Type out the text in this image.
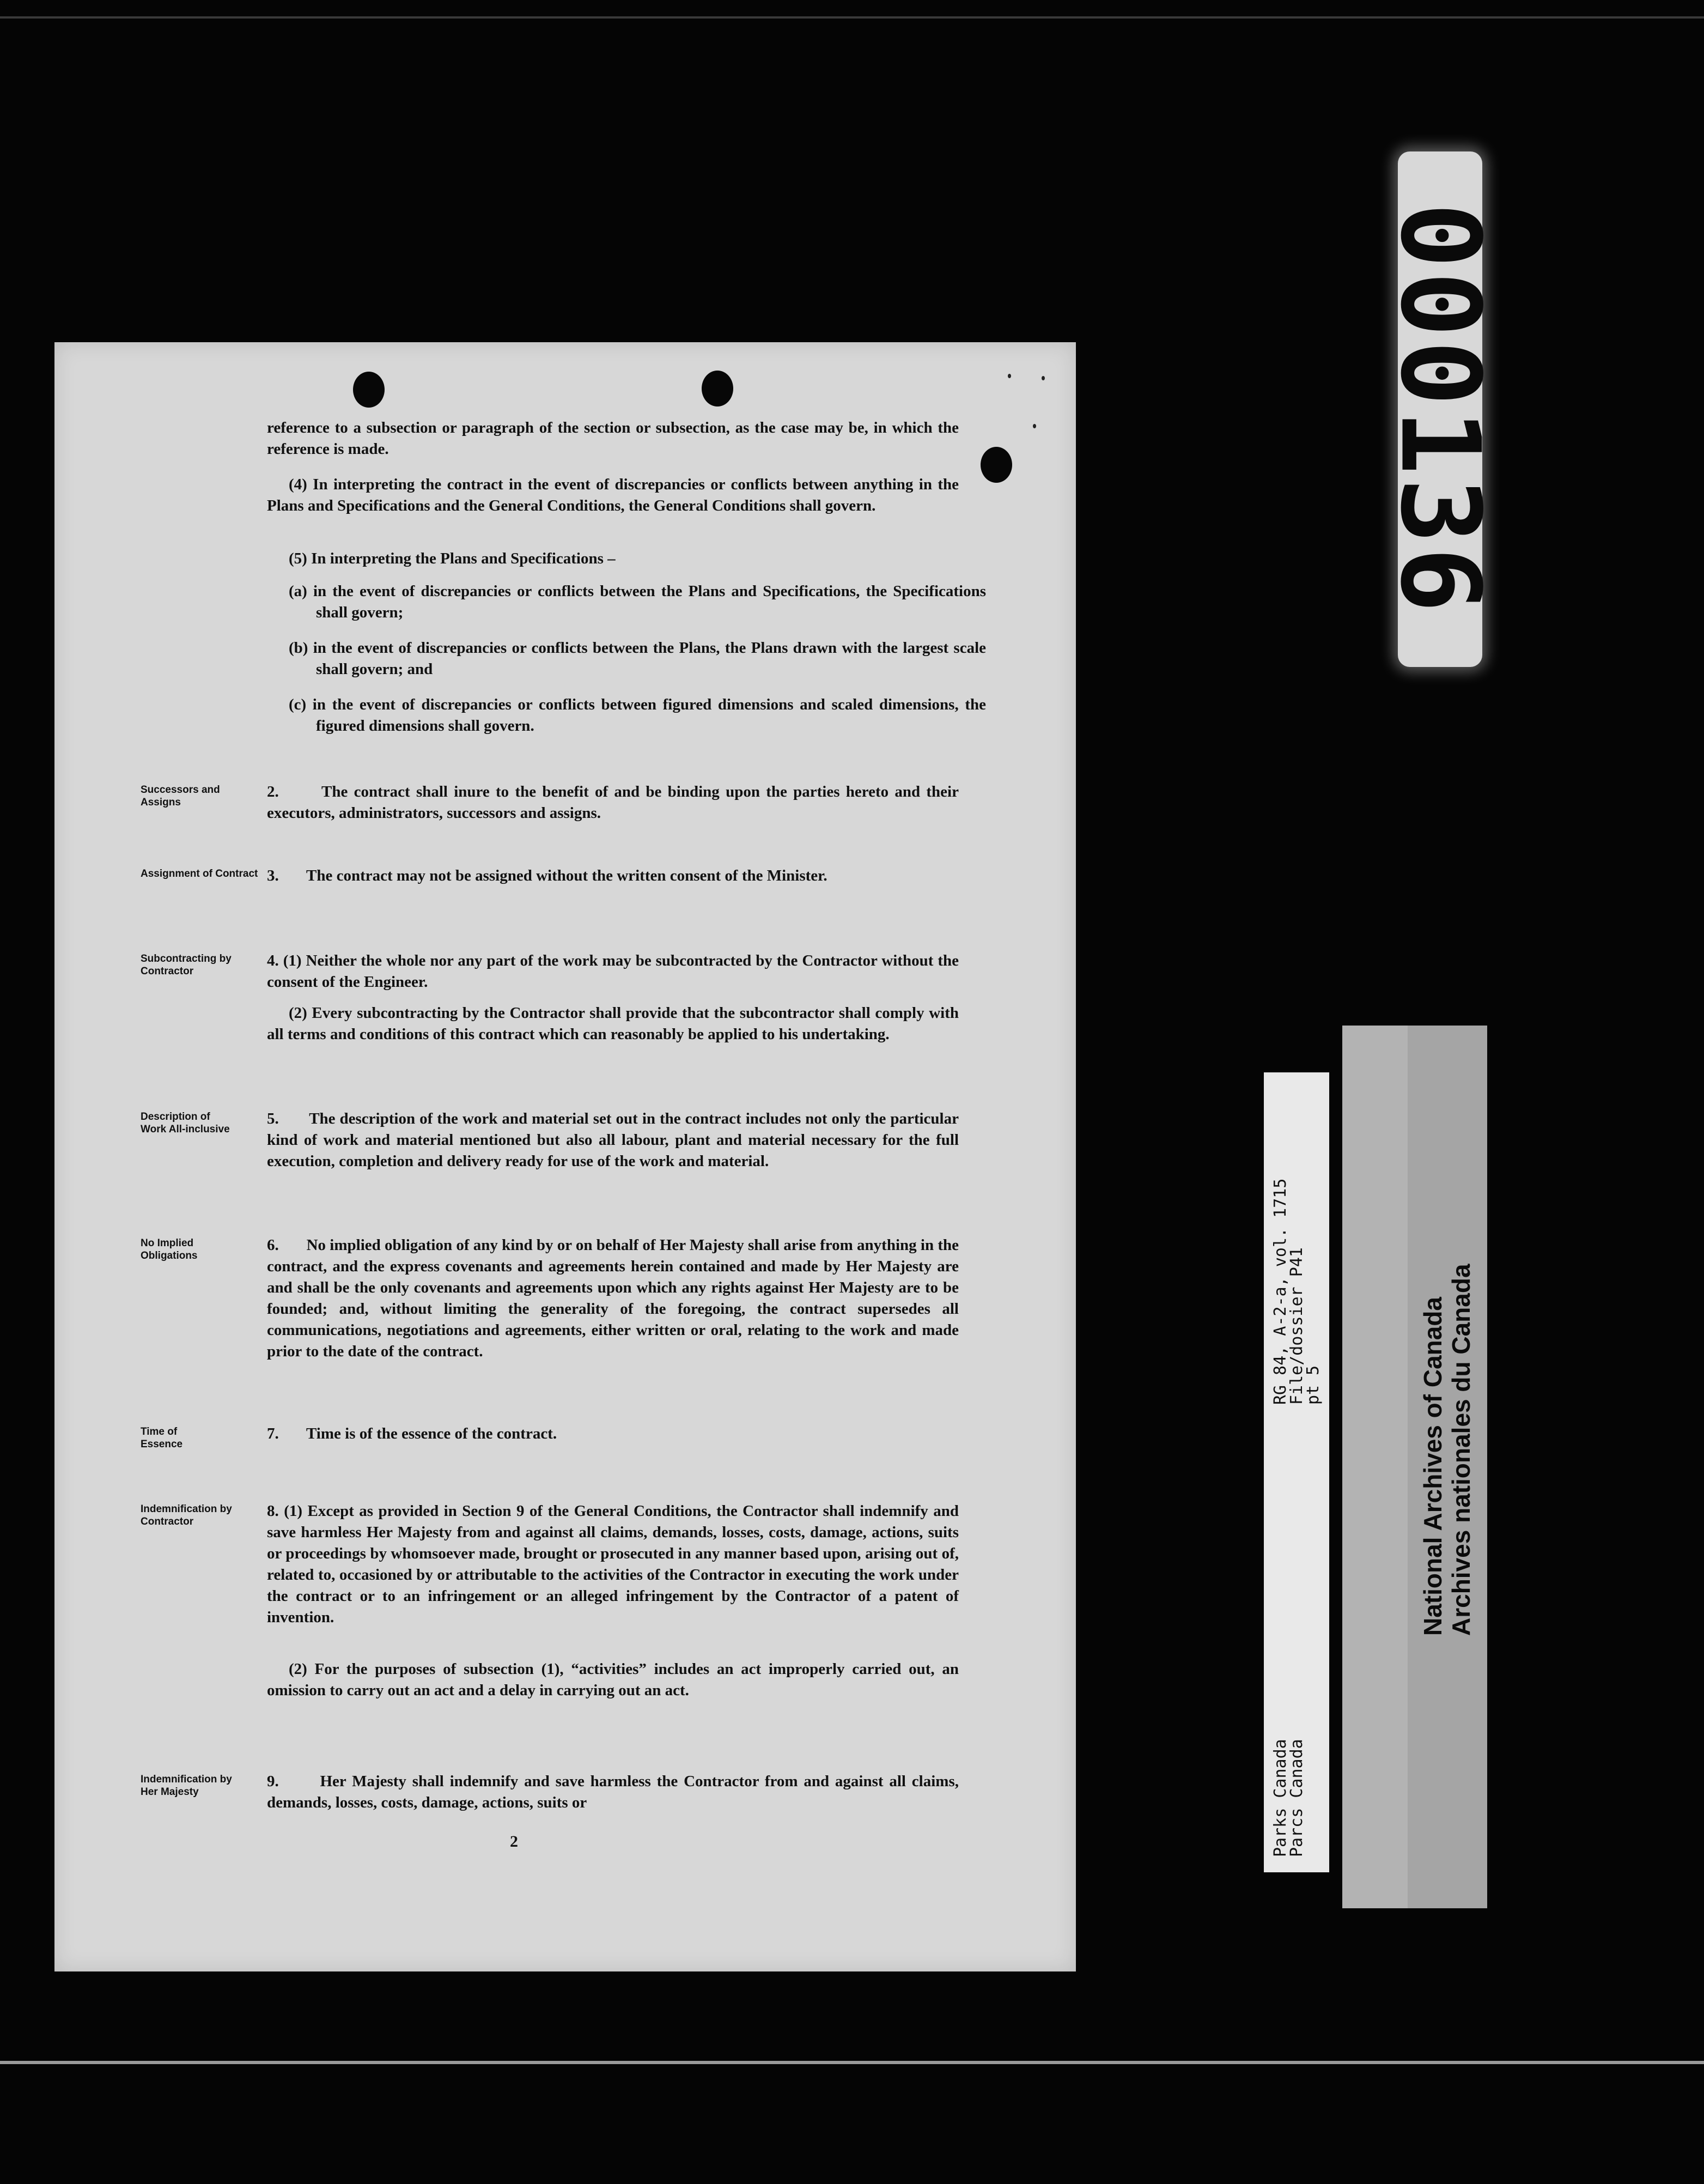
reference to a subsection or paragraph of the section or subsection, as the case may be, in which the reference is made.
(4) In interpreting the contract in the event of discrepancies or conflicts between anything in the Plans and Specifications and the General Conditions, the General Conditions shall govern.
(5) In interpreting the Plans and Specifications –
(a) in the event of discrepancies or conflicts between the Plans and Specifications, the Specifications shall govern;
(b) in the event of discrepancies or conflicts between the Plans, the Plans drawn with the largest scale shall govern; and
(c) in the event of discrepancies or conflicts between figured dimensions and scaled dimensions, the figured dimensions shall govern.
Successors and Assigns
2.       The contract shall inure to the benefit of and be binding upon the parties hereto and their executors, administrators, successors and assigns.
Assignment of Contract 3.       The contract may not be assigned without the written consent of the Minister.
Subcontracting by Contractor
4. (1) Neither the whole nor any part of the work may be subcontracted by the Contractor without the consent of the Engineer.
(2) Every subcontracting by the Contractor shall provide that the subcontractor shall comply with all terms and conditions of this contract which can reasonably be applied to his undertaking.
Description of Work All-inclusive
5.       The description of the work and material set out in the contract includes not only the particular kind of work and material mentioned but also all labour, plant and material necessary for the full execution, completion and delivery ready for use of the work and material.
No Implied Obligations
6.       No implied obligation of any kind by or on behalf of Her Majesty shall arise from anything in the contract, and the express covenants and agreements herein contained and made by Her Majesty are and shall be the only covenants and agreements upon which any rights against Her Majesty are to be founded; and, without limiting the generality of the foregoing, the contract supersedes all communications, negotiations and agreements, either written or oral, relating to the work and made prior to the date of the contract.
Time of Essence
7.       Time is of the essence of the contract.
Indemnification by Contractor
8. (1) Except as provided in Section 9 of the General Conditions, the Contractor shall indemnify and save harmless Her Majesty from and against all claims, demands, losses, costs, damage, actions, suits or proceedings by whomsoever made, brought or prosecuted in any manner based upon, arising out of, related to, occasioned by or attributable to the activities of the Contractor in executing the work under the contract or to an infringement or an alleged infringement by the Contractor of a patent of invention.
(2) For the purposes of subsection (1), “activities” includes an act improperly carried out, an omission to carry out an act and a delay in carrying out an act.
Indemnification by Her Majesty
9.       Her Majesty shall indemnify and save harmless the Contractor from and against all claims, demands, losses, costs, damage, actions, suits or
2
000136
RG 84, A-2-a, vol. 1715
File/dossier P41
pt 5
Parks Canada
Parcs Canada
National Archives of Canada
Archives nationales du Canada
